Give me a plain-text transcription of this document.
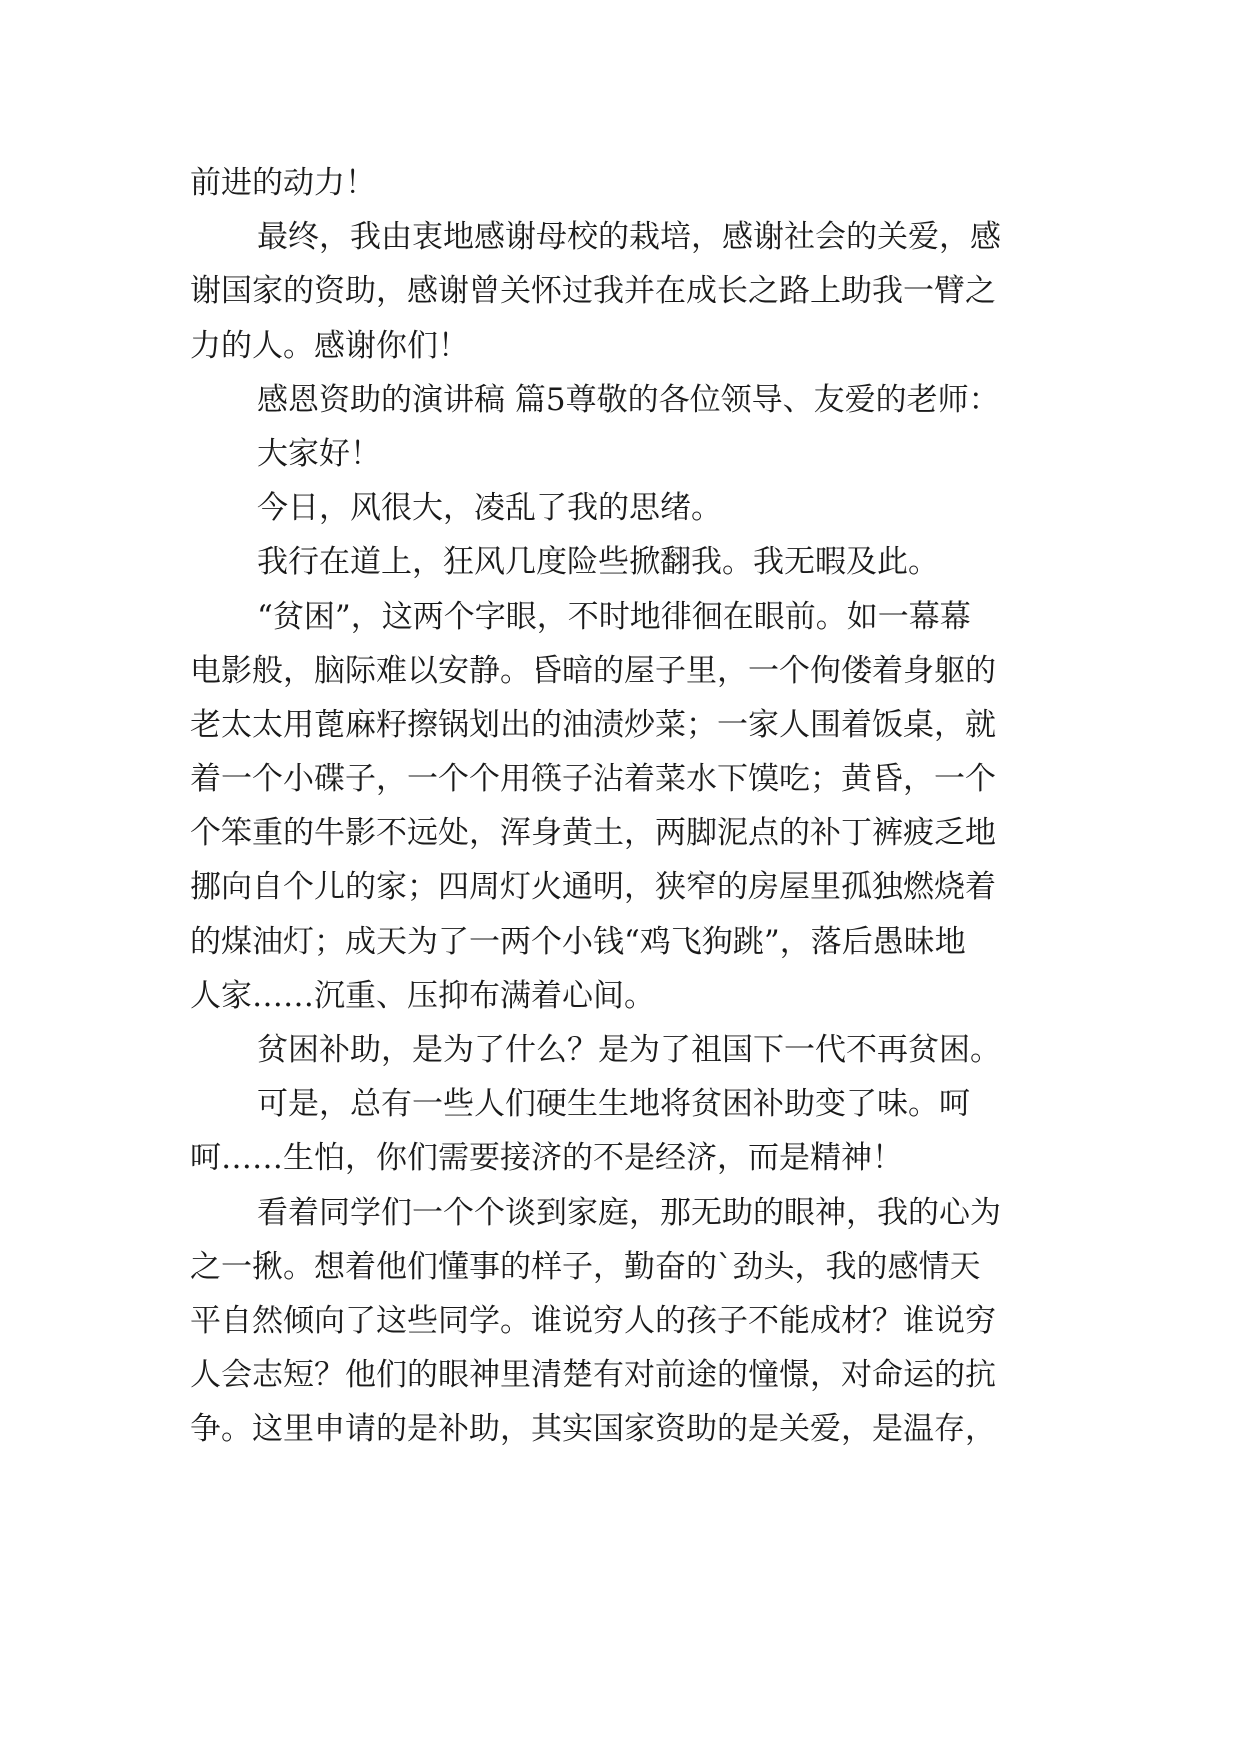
前进的动力！
最终，我由衷地感谢母校的栽培，感谢社会的关爱，感
谢国家的资助，感谢曾关怀过我并在成长之路上助我一臂之
力的人。感谢你们！
感恩资助的演讲稿 篇5尊敬的各位领导、友爱的老师：
大家好！
今日，风很大，凌乱了我的思绪。
我行在道上，狂风几度险些掀翻我。我无暇及此。
“贫困”，这两个字眼，不时地徘徊在眼前。如一幕幕
电影般，脑际难以安静。昏暗的屋子里，一个佝偻着身躯的
老太太用蓖麻籽擦锅划出的油渍炒菜；一家人围着饭桌，就
着一个小碟子，一个个用筷子沾着菜水下馍吃；黄昏，一个
个笨重的牛影不远处，浑身黄土，两脚泥点的补丁裤疲乏地
挪向自个儿的家；四周灯火通明，狭窄的房屋里孤独燃烧着
的煤油灯；成天为了一两个小钱“鸡飞狗跳”，落后愚昧地
人家……沉重、压抑布满着心间。
贫困补助，是为了什么？是为了祖国下一代不再贫困。
可是，总有一些人们硬生生地将贫困补助变了味。呵
呵……生怕，你们需要接济的不是经济，而是精神！
看着同学们一个个谈到家庭，那无助的眼神，我的心为
之一揪。想着他们懂事的样子，勤奋的`劲头，我的感情天
平自然倾向了这些同学。谁说穷人的孩子不能成材？谁说穷
人会志短？他们的眼神里清楚有对前途的憧憬，对命运的抗
争。这里申请的是补助，其实国家资助的是关爱，是温存，
